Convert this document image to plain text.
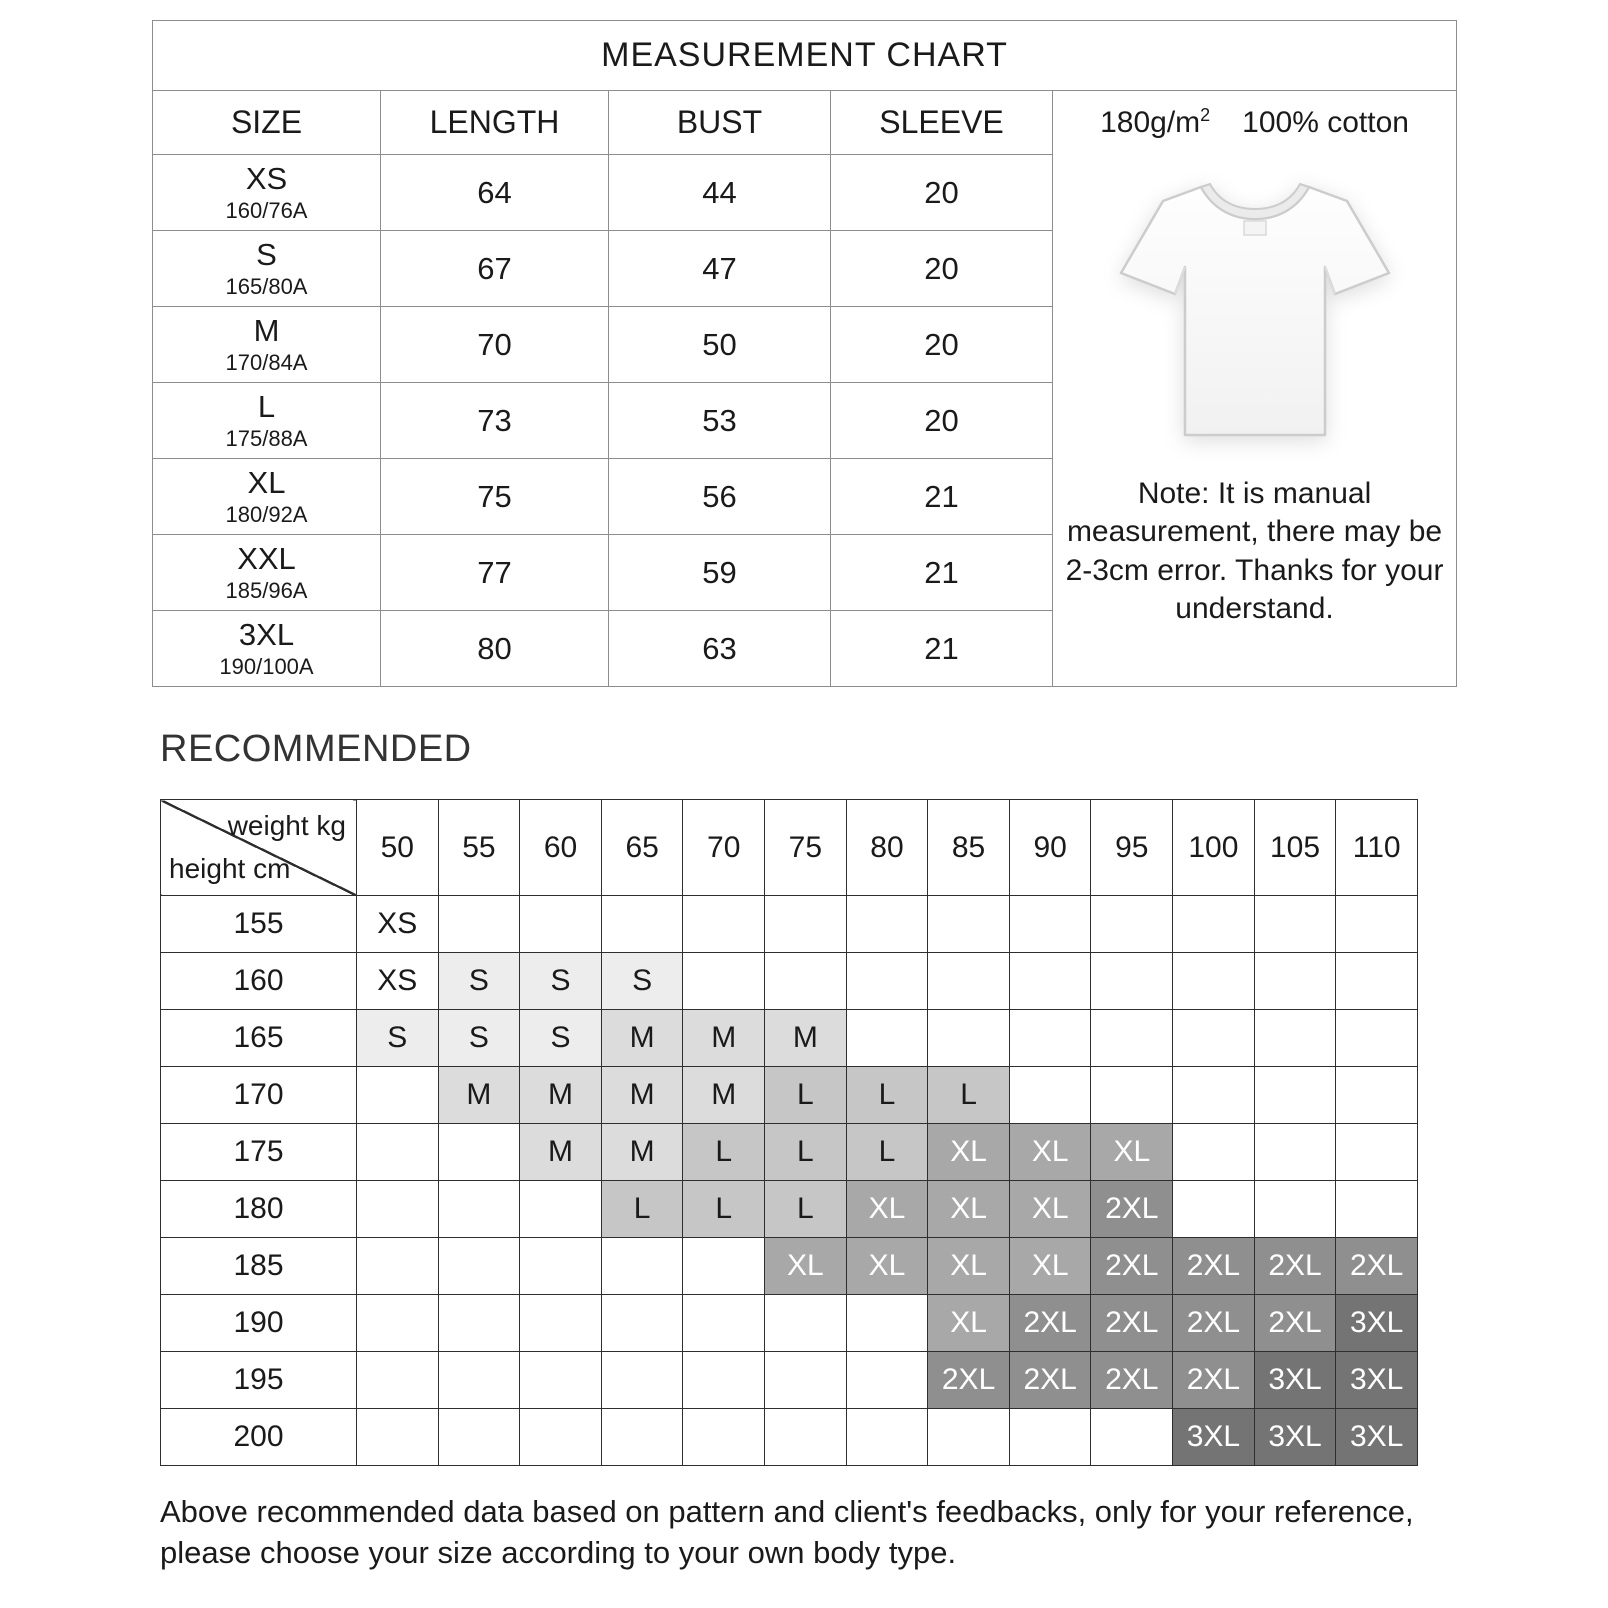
MEASUREMENT CHART				
SIZE	LENGTH	BUST	SLEEVE	$180g/m^2$ 100% cotton
Note: It is manual measurement, there may be 2-3cm error. Thanks for your understand.

XS
160/76A	64	44	20	

S
165/80A	67	47	20	

M
170/84A	70	50	20	

L
175/88A	73	53	20	

XL
180/92A	75	56	21	

XXL
185/96A	77	59	21	

3XL
190/100A	80	63	21	
RECOMMENDED
weight kg
height cm	50	55	60	65	70	75	80	85	90	95	100	105	110
155	XS												
160	XS	S	S	S									
165	S	S	S	M	M	M							
170		M	M	M	M	L	L	L					
175			M	M	L	L	L	XL	XL	XL			
180				L	L	L	XL	XL	XL	2XL			
185						XL	XL	XL	XL	2XL	2XL	2XL	2XL
190								XL	2XL	2XL	2XL	2XL	3XL
195								2XL	2XL	2XL	2XL	3XL	3XL
200											3XL	3XL	3XL
Above recommended data based on pattern and client's feedbacks, only for your reference, please choose your size according to your own body type.
